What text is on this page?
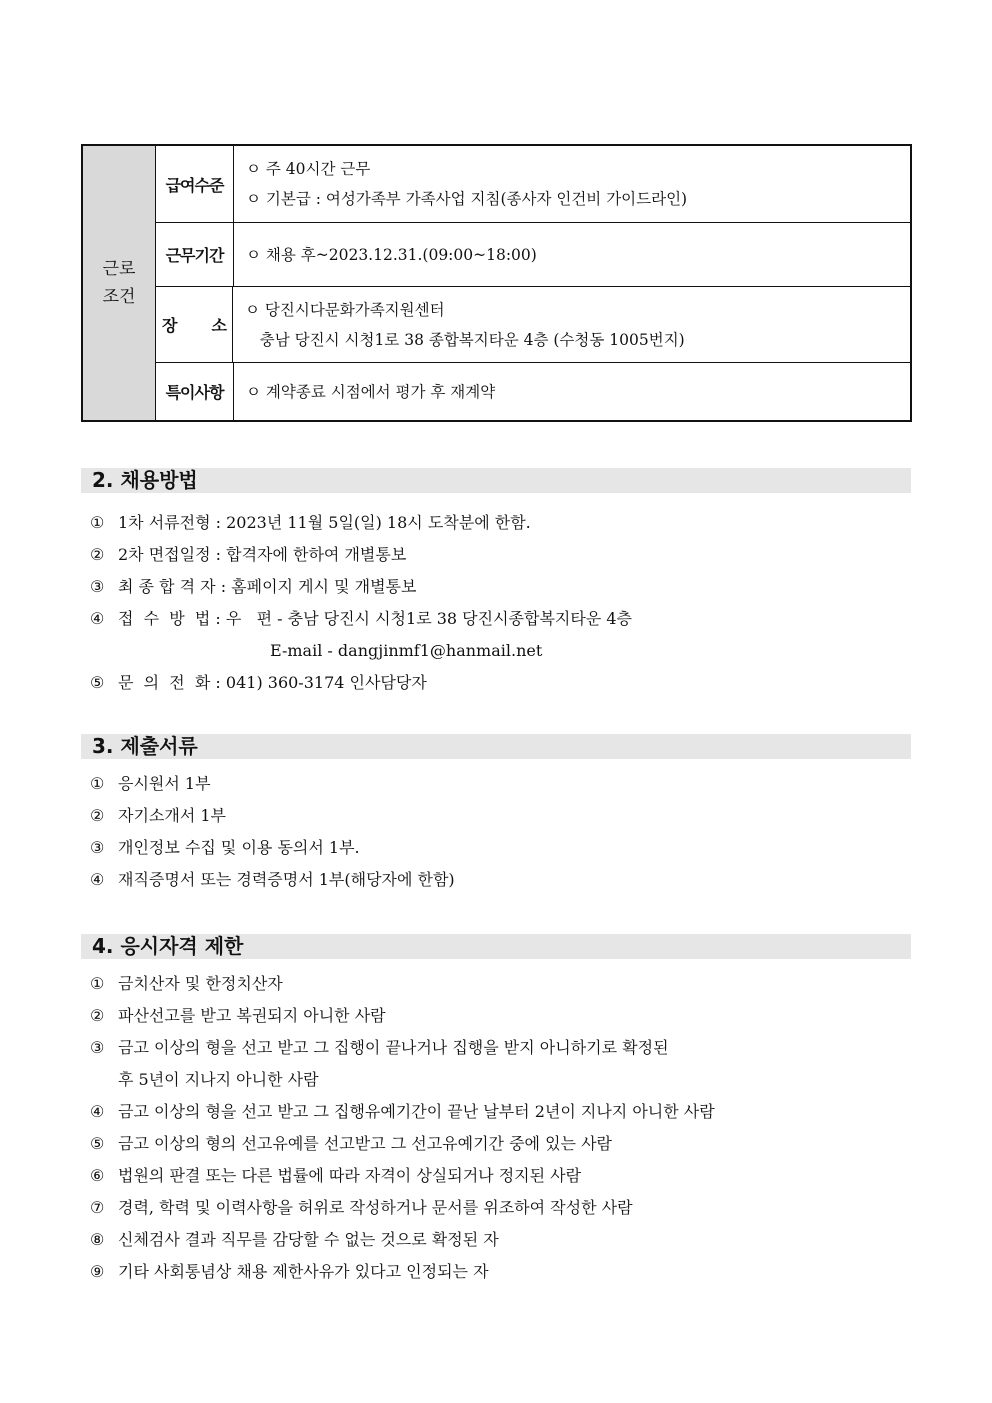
근로
조건
급여수준
ㅇ 주 40시간 근무
ㅇ 기본급 : 여성가족부 가족사업 지침(종사자 인건비 가이드라인)
근무기간	ㅇ 채용 후~2023.12.31.(09:00~18:00)
장 소
ㅇ 당진시다문화가족지원센터
충남 당진시 시청1로 38 종합복지타운 4층 (수청동 1005번지)
특이사항	ㅇ 계약종료 시점에서 평가 후 재계약
2. 채용방법
① 1차 서류전형 : 2023년 11월 5일(일) 18시 도착분에 한함.
② 2차 면접일정 : 합격자에 한하여 개별통보
③ 최 종 합 격 자 : 홈페이지 게시 및 개별통보
④ 접  수  방  법 : 우   편 - 충남 당진시 시청1로 38 당진시종합복지타운 4층
E-mail - dangjinmf1@hanmail.net
⑤ 문  의  전  화 : 041) 360-3174 인사담당자
3. 제출서류
① 응시원서 1부
② 자기소개서 1부
③ 개인정보 수집 및 이용 동의서 1부.
④ 재직증명서 또는 경력증명서 1부(해당자에 한함)
4. 응시자격 제한
① 금치산자 및 한정치산자
② 파산선고를 받고 복권되지 아니한 사람
③ 금고 이상의 형을 선고 받고 그 집행이 끝나거나 집행을 받지 아니하기로 확정된
후 5년이 지나지 아니한 사람
④ 금고 이상의 형을 선고 받고 그 집행유예기간이 끝난 날부터 2년이 지나지 아니한 사람
⑤ 금고 이상의 형의 선고유예를 선고받고 그 선고유예기간 중에 있는 사람
⑥ 법원의 판결 또는 다른 법률에 따라 자격이 상실되거나 정지된 사람
⑦ 경력, 학력 및 이력사항을 허위로 작성하거나 문서를 위조하여 작성한 사람
⑧ 신체검사 결과 직무를 감당할 수 없는 것으로 확정된 자
⑨ 기타 사회통념상 채용 제한사유가 있다고 인정되는 자
